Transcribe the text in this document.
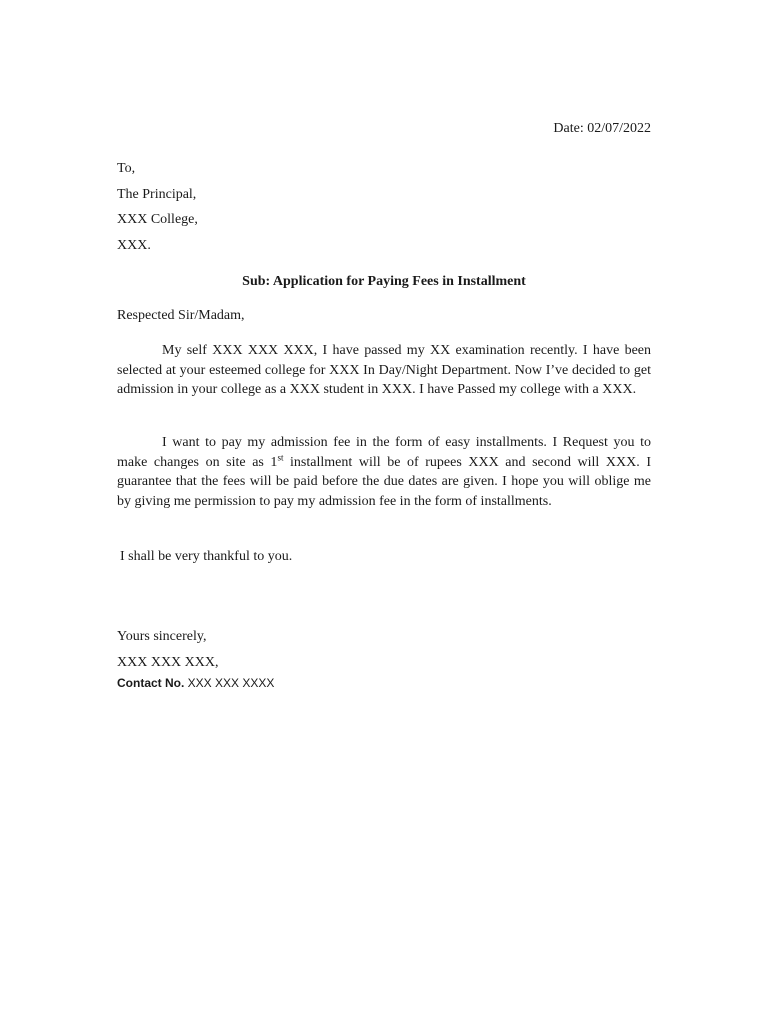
Date: 02/07/2022
To,
The Principal,
XXX College,
XXX.
Sub: Application for Paying Fees in Installment
Respected Sir/Madam,

My self XXX XXX XXX, I have passed my XX examination recently. I have been selected at your esteemed college for XXX In Day/Night Department. Now I’ve decided to get admission in your college as a XXX student in XXX. I have Passed my college with a XXX.

I want to pay my admission fee in the form of easy installments. I Request you to make changes on site as 1st installment will be of rupees XXX and second will XXX. I guarantee that the fees will be paid before the due dates are given. I hope you will oblige me by giving me permission to pay my admission fee in the form of installments.

I shall be very thankful to you.
Yours sincerely,
XXX XXX XXX,
Contact No. XXX XXX XXXX
